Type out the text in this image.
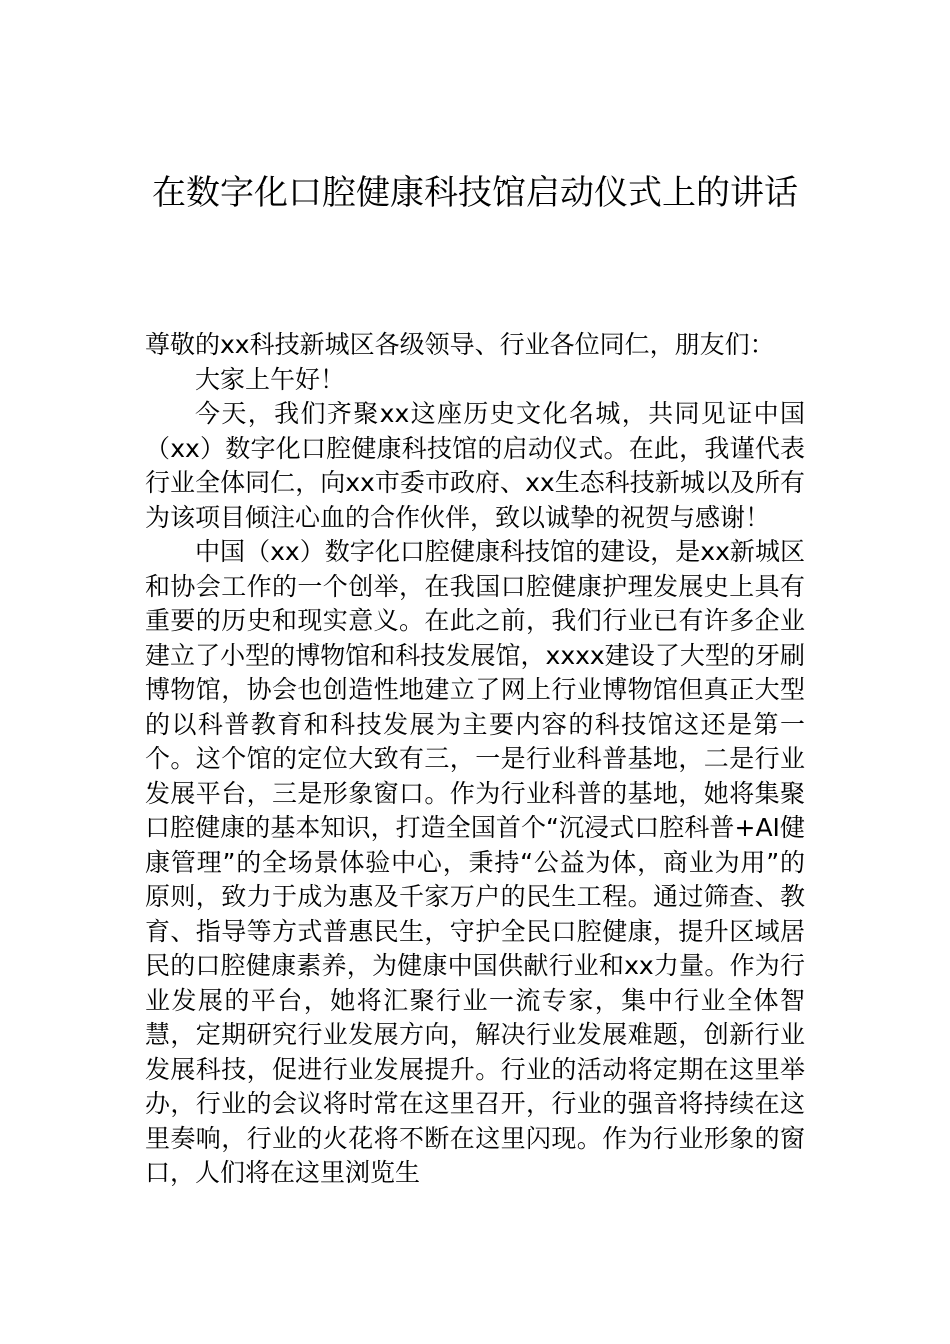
在数字化口腔健康科技馆启动仪式上的讲话

尊敬的xx科技新城区各级领导、行业各位同仁，朋友们：

大家上午好！

今天，我们齐聚xx这座历史文化名城，共同见证中国（xx）数字化口腔健康科技馆的启动仪式。在此，我谨代表行业全体同仁，向xx市委市政府、xx生态科技新城以及所有为该项目倾注心血的合作伙伴，致以诚挚的祝贺与感谢！

中国（xx）数字化口腔健康科技馆的建设，是xx新城区和协会工作的一个创举，在我国口腔健康护理发展史上具有重要的历史和现实意义。在此之前，我们行业已有许多企业建立了小型的博物馆和科技发展馆，xxxx建设了大型的牙刷博物馆，协会也创造性地建立了网上行业博物馆但真正大型的以科普教育和科技发展为主要内容的科技馆这还是第一个。这个馆的定位大致有三，一是行业科普基地，二是行业发展平台，三是形象窗口。作为行业科普的基地，她将集聚口腔健康的基本知识，打造全国首个“沉浸式口腔科普+AI健康管理”的全场景体验中心，秉持“公益为体，商业为用”的原则，致力于成为惠及千家万户的民生工程。通过筛查、教育、指导等方式普惠民生，守护全民口腔健康，提升区域居民的口腔健康素养，为健康中国供献行业和xx力量。作为行业发展的平台，她将汇聚行业一流专家，集中行业全体智慧，定期研究行业发展方向，解决行业发展难题，创新行业发展科技，促进行业发展提升。行业的活动将定期在这里举办，行业的会议将时常在这里召开，行业的强音将持续在这里奏响，行业的火花将不断在这里闪现。作为行业形象的窗口，人们将在这里浏览生
